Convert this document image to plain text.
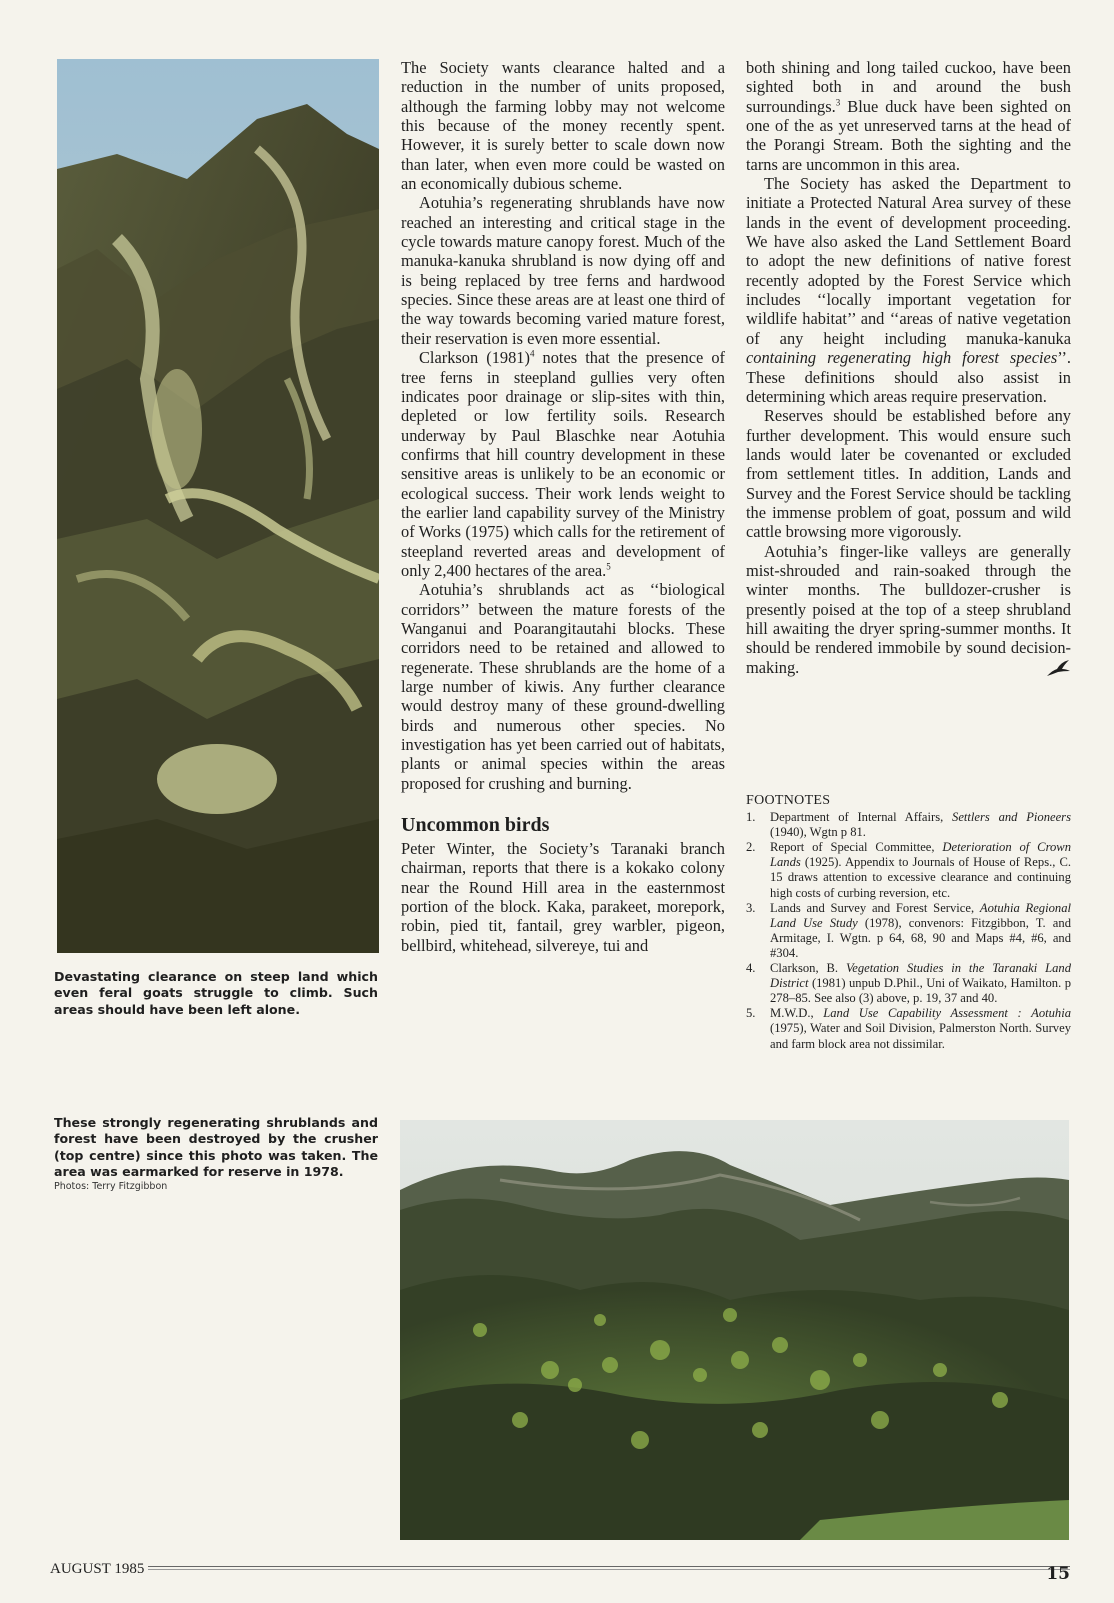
Devastating clearance on steep land which even feral goats struggle to climb. Such areas should have been left alone.
These strongly regenerating shrublands and forest have been destroyed by the crusher (top centre) since this photo was taken. The area was earmarked for reserve in 1978.
Photos: Terry Fitzgibbon

The Society wants clearance halted and a reduction in the number of units proposed, although the farming lobby may not welcome this because of the money recently spent. However, it is surely better to scale down now than later, when even more could be wasted on an economically dubious scheme.

Aotuhia’s regenerating shrublands have now reached an interesting and critical stage in the cycle towards mature canopy forest. Much of the manuka-kanuka shrubland is now dying off and is being replaced by tree ferns and hardwood species. Since these areas are at least one third of the way towards becoming varied mature forest, their reservation is even more essential.

Clarkson $(1981)^4$ notes that the presence of tree ferns in steepland gullies very often indicates poor drainage or slip-sites with thin, depleted or low fertility soils. Research underway by Paul Blaschke near Aotuhia confirms that hill country development in these sensitive areas is unlikely to be an economic or ecological success. Their work lends weight to the earlier land capability survey of the Ministry of Works (1975) which calls for the retirement of steepland reverted areas and development of only 2,400 hectares of the area.$^5$

Aotuhia’s shrublands act as ‘‘biological corridors’’ between the mature forests of the Wanganui and Poarangitautahi blocks. These corridors need to be retained and allowed to regenerate. These shrublands are the home of a large number of kiwis. Any further clearance would destroy many of these ground-dwelling birds and numerous other species. No investigation has yet been carried out of habitats, plants or animal species within the areas proposed for crushing and burning.

Uncommon birds

Peter Winter, the Society’s Taranaki branch chairman, reports that there is a kokako colony near the Round Hill area in the easternmost portion of the block. Kaka, parakeet, morepork, robin, pied tit, fantail, grey warbler, pigeon, bellbird, whitehead, silvereye, tui and

both shining and long tailed cuckoo, have been sighted both in and around the bush surroundings.$^3$ Blue duck have been sighted on one of the as yet unreserved tarns at the head of the Porangi Stream. Both the sighting and the tarns are uncommon in this area.

The Society has asked the Department to initiate a Protected Natural Area survey of these lands in the event of development proceeding. We have also asked the Land Settlement Board to adopt the new definitions of native forest recently adopted by the Forest Service which includes ‘‘locally important vegetation for wildlife habitat’’ and ‘‘areas of native vegetation of any height including manuka-kanuka containing regenerating high forest species’’. These definitions should also assist in determining which areas require preservation.

Reserves should be established before any further development. This would ensure such lands would later be covenanted or excluded from settlement titles. In addition, Lands and Survey and the Forest Service should be tackling the immense problem of goat, possum and wild cattle browsing more vigorously.

Aotuhia’s finger-like valleys are generally mist-shrouded and rain-soaked through the winter months. The bulldozer-crusher is presently poised at the top of a steep shrubland hill awaiting the dryer spring-summer months. It should be rendered immobile by sound decision-making.

FOOTNOTES
1. Department of Internal Affairs, Settlers and Pioneers (1940), Wgtn p 81.
2. Report of Special Committee, Deterioration of Crown Lands (1925). Appendix to Journals of House of Reps., C. 15 draws attention to excessive clearance and continuing high costs of curbing reversion, etc.
3. Lands and Survey and Forest Service, Aotuhia Regional Land Use Study (1978), convenors: Fitzgibbon, T. and Armitage, I. Wgtn. p 64, 68, 90 and Maps #4, #6, and #304.
4. Clarkson, B. Vegetation Studies in the Taranaki Land District (1981) unpub D.Phil., Uni of Waikato, Hamilton. p 278–85. See also (3) above, p. 19, 37 and 40.
5. M.W.D., Land Use Capability Assessment : Aotuhia (1975), Water and Soil Division, Palmerston North. Survey and farm block area not dissimilar.
AUGUST 1985	15
